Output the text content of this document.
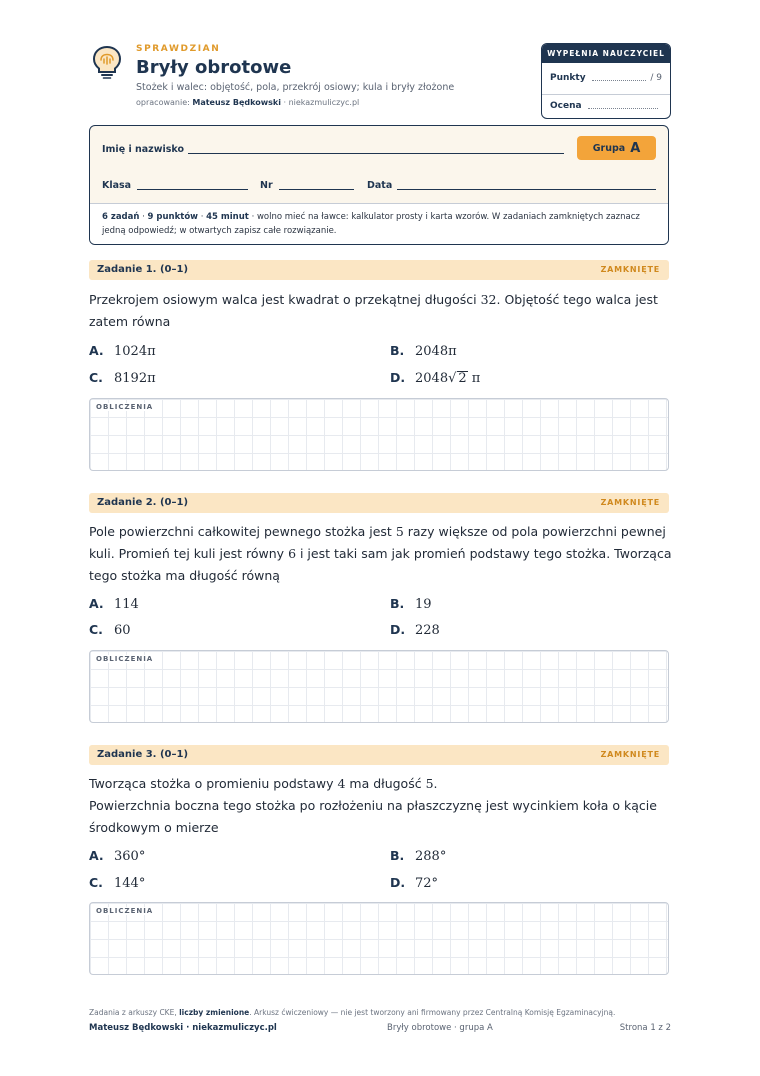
SPRAWDZIAN
Bryły obrotowe
Stożek i walec: objętość, pola, przekrój osiowy; kula i bryły złożone
opracowanie: Mateusz Będkowski · niekazmuliczyc.pl
WYPEŁNIA NAUCZYCIEL
Punkty	/ 9
Ocena
Imię i nazwisko	Grupa A
Klasa	Nr	Data
6 zadań · 9 punktów · 45 minut · wolno mieć na ławce: kalkulator prosty i karta wzorów. W zadaniach zamkniętych zaznacz jedną odpowiedź; w otwartych zapisz całe rozwiązanie.
Zadanie 1. (0–1)	ZAMKNIĘTE
Przekrojem osiowym walca jest kwadrat o przekątnej długości 32. Objętość tego walca jest zatem równa
A. 1024π	B. 2048π
C. 8192π	D. 2048√ 2 π
OBLICZENIA
Zadanie 2. (0–1)	ZAMKNIĘTE
Pole powierzchni całkowitej pewnego stożka jest 5 razy większe od pola powierzchni pewnej kuli. Promień tej kuli jest równy 6 i jest taki sam jak promień podstawy tego stożka. Tworząca tego stożka ma długość równą
A. 114	B. 19
C. 60	D. 228
OBLICZENIA
Zadanie 3. (0–1)	ZAMKNIĘTE
Tworząca stożka o promieniu podstawy 4 ma długość 5.
Powierzchnia boczna tego stożka po rozłożeniu na płaszczyznę jest wycinkiem koła o kącie środkowym o mierze
A. 360°	B. 288°
C. 144°	D. 72°
OBLICZENIA
Zadania z arkuszy CKE, liczby zmienione. Arkusz ćwiczeniowy — nie jest tworzony ani firmowany przez Centralną Komisję Egzaminacyjną.
Mateusz Będkowski · niekazmuliczyc.pl	Bryły obrotowe · grupa A	Strona 1 z 2
